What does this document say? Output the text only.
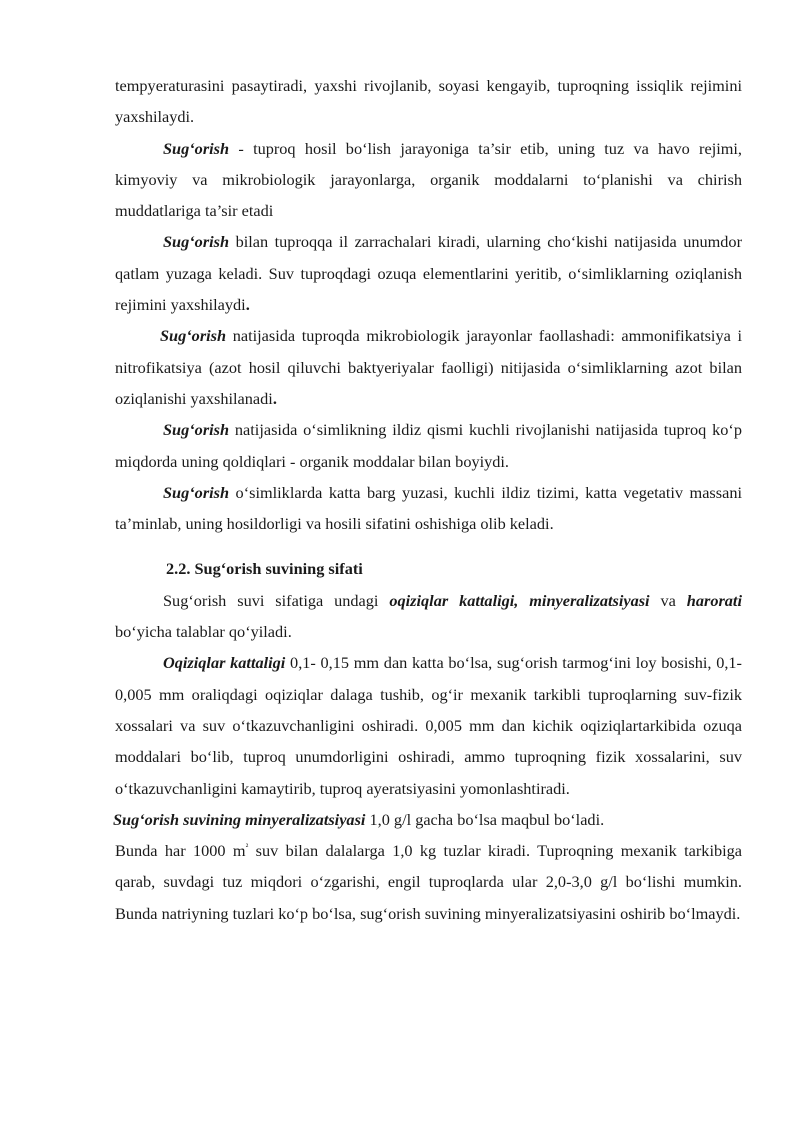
tempyeraturasini pasaytiradi, yaxshi rivojlanib, soyasi kengayib, tuproqning issiqlik rejimini yaxshilaydi.

Sug‘orish - tuproq hosil bo‘lish jarayoniga ta’sir etib, uning tuz va havo rejimi, kimyoviy va mikrobiologik jarayonlarga, organik moddalarni to‘planishi va chirish muddatlariga ta’sir etadi

Sug‘orish bilan tuproqqa il zarrachalari kiradi, ularning cho‘kishi natijasida unumdor qatlam yuzaga keladi. Suv tuproqdagi ozuqa elementlarini yeritib, o‘simliklarning oziqlanish rejimini yaxshilaydi.

Sug‘orish natijasida tuproqda mikrobiologik jarayonlar faollashadi: ammonifikatsiya i nitrofikatsiya (azot hosil qiluvchi baktyeriyalar faolligi) nitijasida o‘simliklarning azot bilan oziqlanishi yaxshilanadi.

Sug‘orish natijasida o‘simlikning ildiz qismi kuchli rivojlanishi natijasida tuproq ko‘p miqdorda uning qoldiqlari - organik moddalar bilan boyiydi.

Sug‘orish o‘simliklarda katta barg yuzasi, kuchli ildiz tizimi, katta vegetativ massani ta’minlab, uning hosildorligi va hosili sifatini oshishiga olib keladi.

2.2. Sug‘orish suvining sifati

Sug‘orish suvi sifatiga undagi oqiziqlar kattaligi, minyeralizatsiyasi va harorati bo‘yicha talablar qo‘yiladi.

Oqiziqlar kattaligi 0,1- 0,15 mm dan katta bo‘lsa, sug‘orish tarmog‘ini loy bosishi, 0,1-0,005 mm oraliqdagi oqiziqlar dalaga tushib, og‘ir mexanik tarkibli tuproqlarning suv-fizik xossalari va suv o‘tkazuvchanligini oshiradi. 0,005 mm dan kichik oqiziqlartarkibida ozuqa moddalari bo‘lib, tuproq unumdorligini oshiradi, ammo tuproqning fizik xossalarini, suv o‘tkazuvchanligini kamaytirib, tuproq ayeratsiyasini yomonlashtiradi.

Sug‘orish suvining minyeralizatsiyasi 1,0 g/l gacha bo‘lsa maqbul bo‘ladi.

Bunda har 1000 $m^{^2}$ suv bilan dalalarga 1,0 kg tuzlar kiradi. Tuproqning mexanik tarkibiga qarab, suvdagi tuz miqdori o‘zgarishi, engil tuproqlarda ular 2,0-3,0 g/l bo‘lishi mumkin. Bunda natriyning tuzlari ko‘p bo‘lsa, sug‘orish suvining minyeralizatsiyasini oshirib bo‘lmaydi.
